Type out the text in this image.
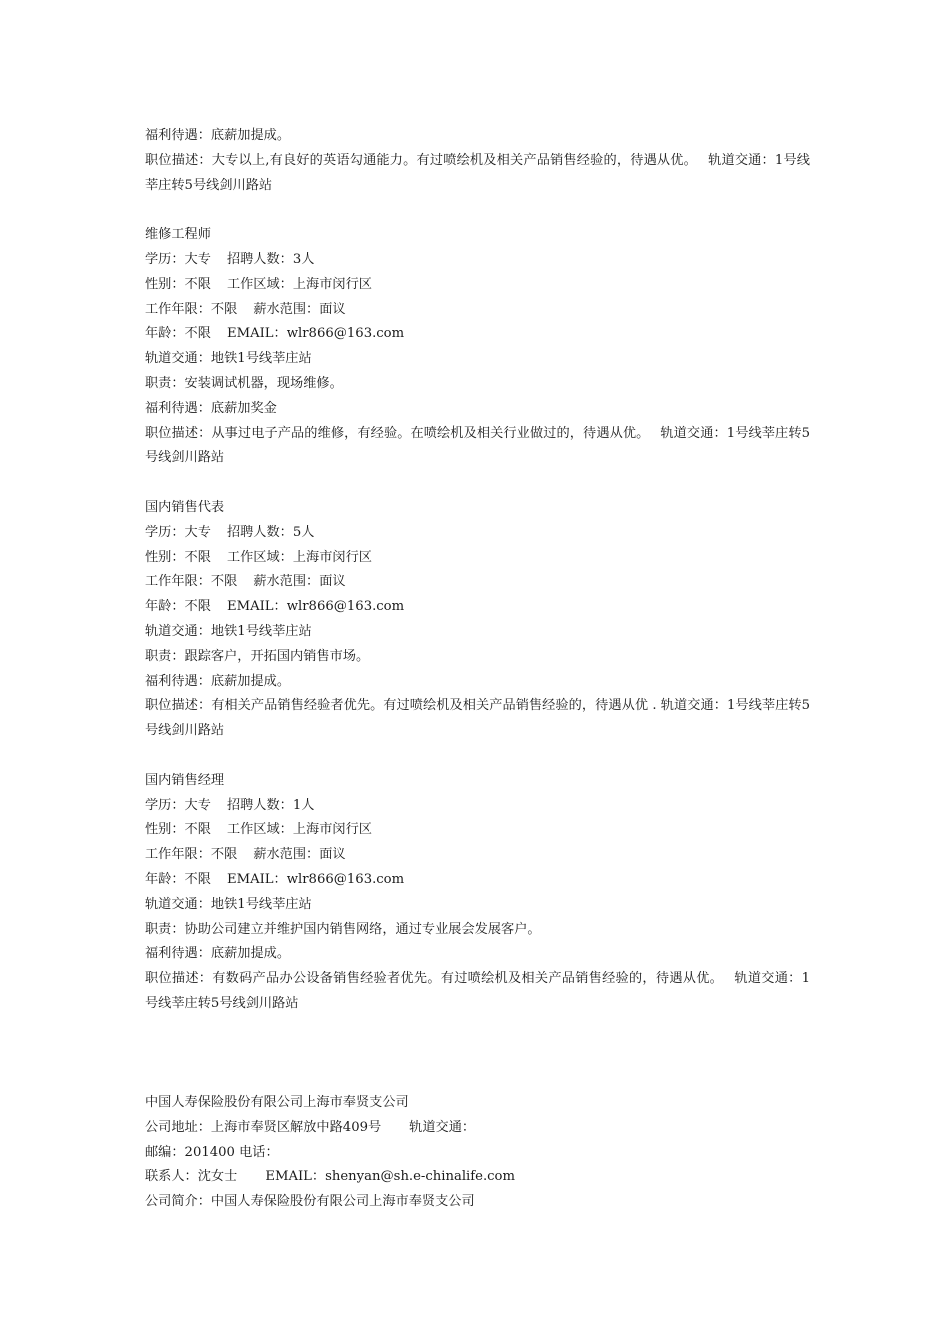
福利待遇：底薪加提成。
职位描述：大专以上,有良好的英语勾通能力。有过喷绘机及相关产品销售经验的，待遇从优。　 轨道交通：1号线莘庄转5号线剑川路站
维修工程师
学历：大专 招聘人数：3人
性别：不限 工作区域：上海市闵行区
工作年限：不限 薪水范围：面议
年龄：不限 EMAIL：wlr866@163.com
轨道交通：地铁1号线莘庄站
职责：安装调试机器，现场维修。
福利待遇：底薪加奖金
职位描述：从事过电子产品的维修，有经验。在喷绘机及相关行业做过的，待遇从优。　 轨道交通：1号线莘庄转5号线剑川路站
国内销售代表
学历：大专 招聘人数：5人
性别：不限 工作区域：上海市闵行区
工作年限：不限 薪水范围：面议
年龄：不限 EMAIL：wlr866@163.com
轨道交通：地铁1号线莘庄站
职责：跟踪客户，开拓国内销售市场。
福利待遇：底薪加提成。
职位描述：有相关产品销售经验者优先。有过喷绘机及相关产品销售经验的，待遇从优 . 轨道交通：1号线莘庄转5号线剑川路站
国内销售经理
学历：大专 招聘人数：1人
性别：不限 工作区域：上海市闵行区
工作年限：不限 薪水范围：面议
年龄：不限 EMAIL：wlr866@163.com
轨道交通：地铁1号线莘庄站
职责：协助公司建立并维护国内销售网络，通过专业展会发展客户。
福利待遇：底薪加提成。
职位描述：有数码产品办公设备销售经验者优先。有过喷绘机及相关产品销售经验的，待遇从优。　 轨道交通：1号线莘庄转5号线剑川路站
中国人寿保险股份有限公司上海市奉贤支公司
公司地址：上海市奉贤区解放中路409号 轨道交通：
邮编：201400 电话：
联系人：沈女士 EMAIL：shenyan@sh.e-chinalife.com
公司简介：中国人寿保险股份有限公司上海市奉贤支公司
